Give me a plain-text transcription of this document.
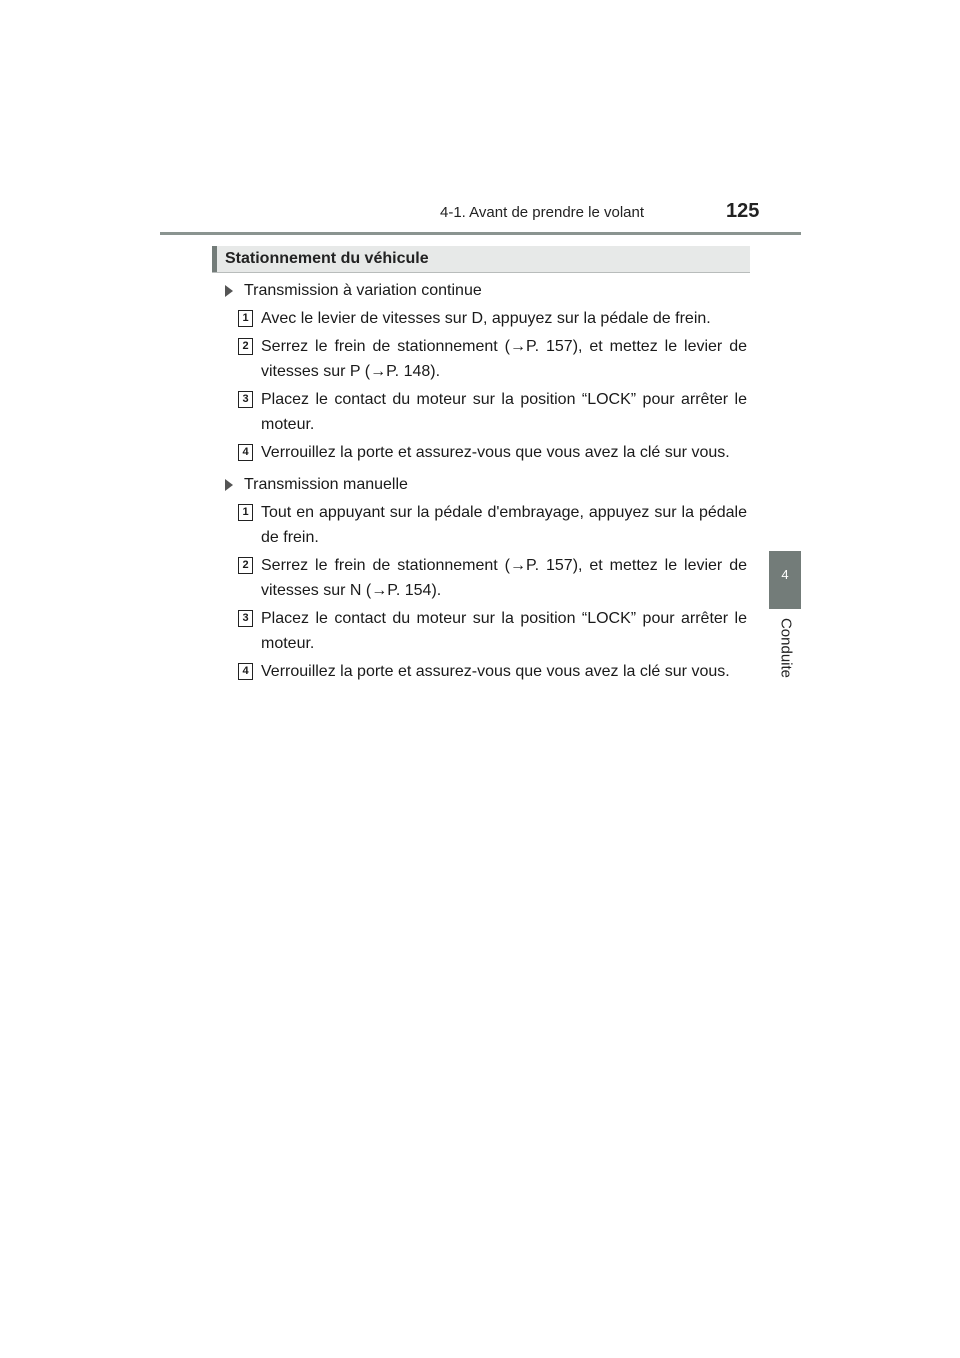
4-1. Avant de prendre le volant	125
4
Conduite
Stationnement du véhicule
Transmission à variation continue
1 Avec le levier de vitesses sur D, appuyez sur la pédale de frein.
2 Serrez le frein de stationnement (→P. 157), et mettez le levier de vitesses sur P (→P. 148).
3 Placez le contact du moteur sur la position “LOCK” pour arrêter le moteur.
4 Verrouillez la porte et assurez-vous que vous avez la clé sur vous.
Transmission manuelle
1 Tout en appuyant sur la pédale d'embrayage, appuyez sur la pédale de frein.
2 Serrez le frein de stationnement (→P. 157), et mettez le levier de vitesses sur N (→P. 154).
3 Placez le contact du moteur sur la position “LOCK” pour arrêter le moteur.
4 Verrouillez la porte et assurez-vous que vous avez la clé sur vous.
